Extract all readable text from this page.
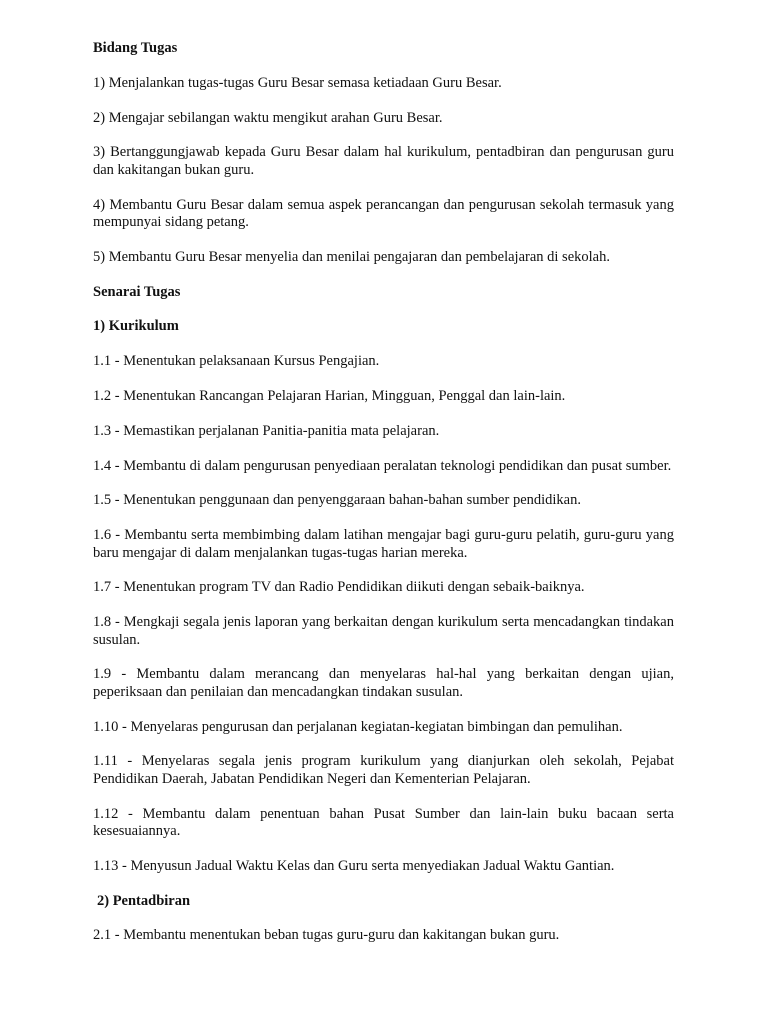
Bidang Tugas
1) Menjalankan tugas-tugas Guru Besar semasa ketiadaan Guru Besar.
2) Mengajar sebilangan waktu mengikut arahan Guru Besar.
3) Bertanggungjawab kepada Guru Besar dalam hal kurikulum, pentadbiran dan pengurusan guru dan kakitangan bukan guru.
4) Membantu Guru Besar dalam semua aspek perancangan dan pengurusan sekolah termasuk yang mempunyai sidang petang.
5) Membantu Guru Besar menyelia dan menilai pengajaran dan pembelajaran di sekolah.
Senarai Tugas
1) Kurikulum
1.1 - Menentukan pelaksanaan Kursus Pengajian.
1.2 - Menentukan Rancangan Pelajaran Harian, Mingguan, Penggal dan lain-lain.
1.3 - Memastikan perjalanan Panitia-panitia mata pelajaran.
1.4 - Membantu di dalam pengurusan penyediaan peralatan teknologi pendidikan dan pusat sumber.
1.5 - Menentukan penggunaan dan penyenggaraan bahan-bahan sumber pendidikan.
1.6 - Membantu serta membimbing dalam latihan mengajar bagi guru-guru pelatih, guru-guru yang baru mengajar di dalam menjalankan tugas-tugas harian mereka.
1.7 - Menentukan program TV dan Radio Pendidikan diikuti dengan sebaik-baiknya.
1.8 - Mengkaji segala jenis laporan yang berkaitan dengan kurikulum serta mencadangkan tindakan susulan.
1.9 - Membantu dalam merancang dan menyelaras hal-hal yang berkaitan dengan ujian, peperiksaan dan penilaian dan mencadangkan tindakan susulan.
1.10 - Menyelaras pengurusan dan perjalanan kegiatan-kegiatan bimbingan dan pemulihan.
1.11 - Menyelaras segala jenis program kurikulum yang dianjurkan oleh sekolah, Pejabat Pendidikan Daerah, Jabatan Pendidikan Negeri dan Kementerian Pelajaran.
1.12 - Membantu dalam penentuan bahan Pusat Sumber dan lain-lain buku bacaan serta kesesuaiannya.
1.13 - Menyusun Jadual Waktu Kelas dan Guru serta menyediakan Jadual Waktu Gantian.
2) Pentadbiran
2.1 - Membantu menentukan beban tugas guru-guru dan kakitangan bukan guru.
